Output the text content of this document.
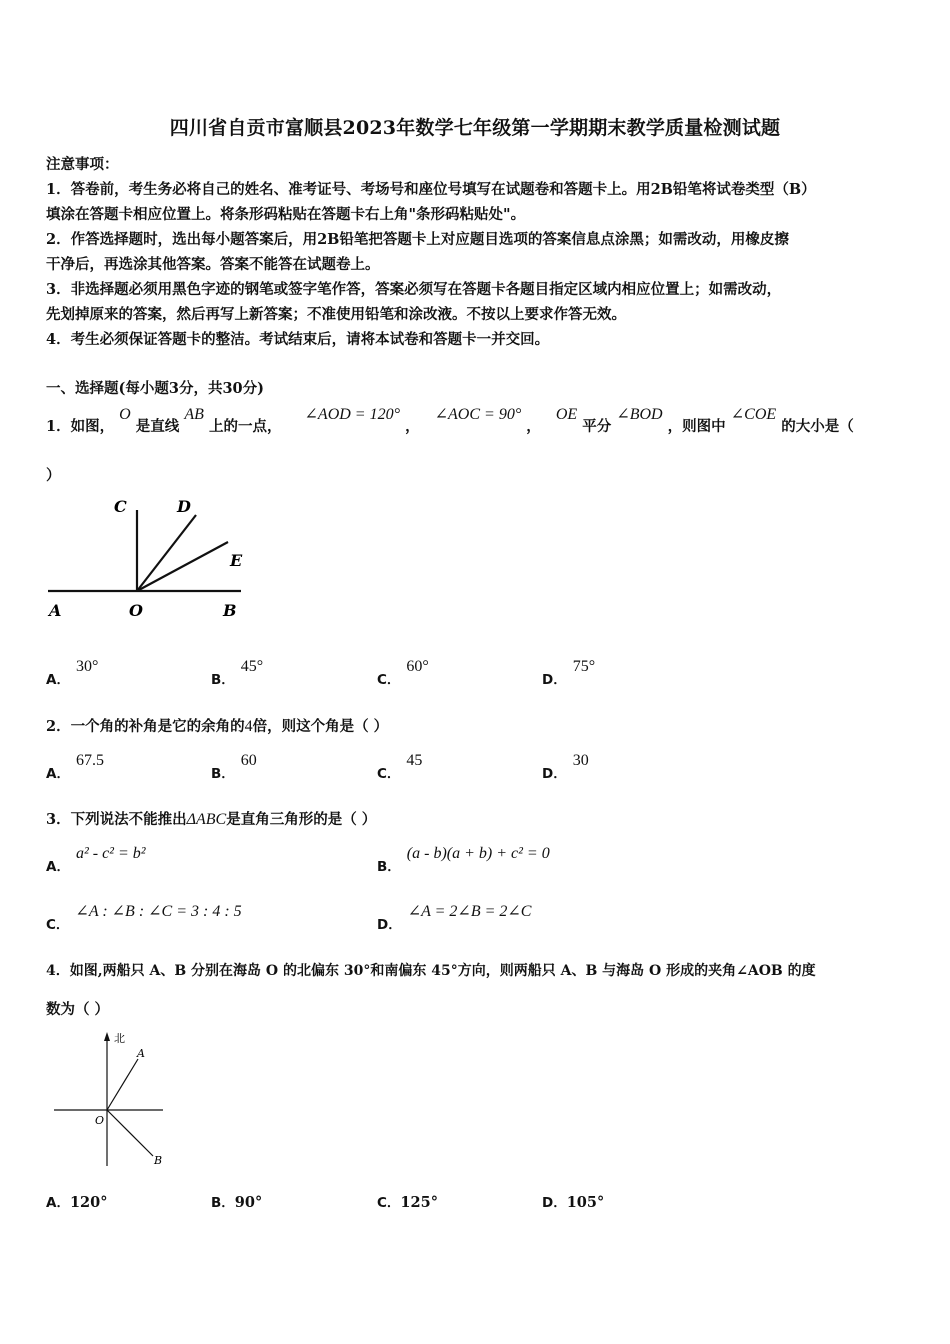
四川省自贡市富顺县2023年数学七年级第一学期期末教学质量检测试题
注意事项：
1．答卷前，考生务必将自己的姓名、准考证号、考场号和座位号填写在试题卷和答题卡上。用2B铅笔将试卷类型（B）
填涂在答题卡相应位置上。将条形码粘贴在答题卡右上角"条形码粘贴处"。
2．作答选择题时，选出每小题答案后，用2B铅笔把答题卡上对应题目选项的答案信息点涂黑；如需改动，用橡皮擦
干净后，再选涂其他答案。答案不能答在试题卷上。
3．非选择题必须用黑色字迹的钢笔或签字笔作答，答案必须写在答题卡各题目指定区域内相应位置上；如需改动，
先划掉原来的答案，然后再写上新答案；不准使用铅笔和涂改液。不按以上要求作答无效。
4．考生必须保证答题卡的整洁。考试结束后，请将本试卷和答题卡一并交回。
一、选择题(每小题3分，共30分)
1．如图， O 是直线 AB 上的一点， ∠AOD = 120° ， ∠AOC = 90° ， OE 平分 ∠BOD ，则图中 ∠COE 的大小是（
）
C	D
E
A	O	B
A．30°
B．45°
C．60°
D．75°
2．一个角的补角是它的余角的4倍，则这个角是（ ）
A．67.5
B．60
C．45
D．30
3．下列说法不能推出ΔABC是直角三角形的是（ ）
A．a² - c² = b²
B．(a - b)(a + b) + c² = 0
C．∠A : ∠B : ∠C = 3 : 4 : 5
D．∠A = 2∠B = 2∠C
4．如图,两船只 A、B 分别在海岛 O 的北偏东 30°和南偏东 45°方向，则两船只 A、B 与海岛 O 形成的夹角∠AOB 的度
数为（ ）
北
A
O
B
A．120°	B．90°	C．125°	D．105°
